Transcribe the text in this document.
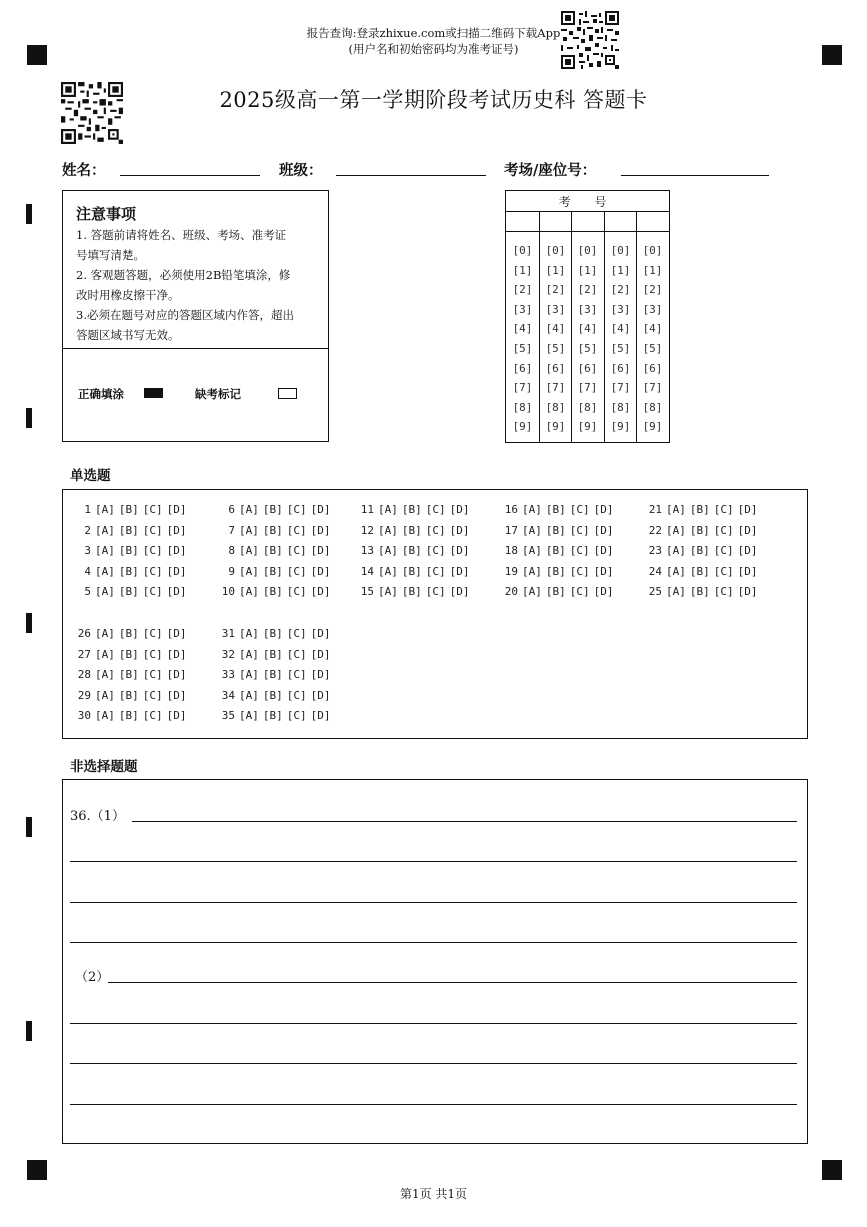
报告查询:登录zhixue.com或扫描二维码下载App
(用户名和初始密码均为准考证号)
2025级高一第一学期阶段考试历史科 答题卡
姓名：	班级：	考场/座位号：
注意事项
1. 答题前请将姓名、班级、考场、准考证
号填写清楚。
2. 客观题答题，必须使用2B铅笔填涂，修
改时用橡皮擦干净。
3.必须在题号对应的答题区域内作答，超出
答题区域书写无效。
正确填涂	缺考标记
考 号
[0]
[1]
[2]
[3]
[4]
[5]
[6]
[7]
[8]
[9]
[0]
[1]
[2]
[3]
[4]
[5]
[6]
[7]
[8]
[9]
[0]
[1]
[2]
[3]
[4]
[5]
[6]
[7]
[8]
[9]
[0]
[1]
[2]
[3]
[4]
[5]
[6]
[7]
[8]
[9]
[0]
[1]
[2]
[3]
[4]
[5]
[6]
[7]
[8]
[9]
单选题
1 [A] [B] [C] [D]
2 [A] [B] [C] [D]
3 [A] [B] [C] [D]
4 [A] [B] [C] [D]
5 [A] [B] [C] [D]
6 [A] [B] [C] [D]
7 [A] [B] [C] [D]
8 [A] [B] [C] [D]
9 [A] [B] [C] [D]
10 [A] [B] [C] [D]
11 [A] [B] [C] [D]
12 [A] [B] [C] [D]
13 [A] [B] [C] [D]
14 [A] [B] [C] [D]
15 [A] [B] [C] [D]
16 [A] [B] [C] [D]
17 [A] [B] [C] [D]
18 [A] [B] [C] [D]
19 [A] [B] [C] [D]
20 [A] [B] [C] [D]
21 [A] [B] [C] [D]
22 [A] [B] [C] [D]
23 [A] [B] [C] [D]
24 [A] [B] [C] [D]
25 [A] [B] [C] [D]
26 [A] [B] [C] [D]
27 [A] [B] [C] [D]
28 [A] [B] [C] [D]
29 [A] [B] [C] [D]
30 [A] [B] [C] [D]
31 [A] [B] [C] [D]
32 [A] [B] [C] [D]
33 [A] [B] [C] [D]
34 [A] [B] [C] [D]
35 [A] [B] [C] [D]
非选择题题
36.（1）
（2）
第1页 共1页
